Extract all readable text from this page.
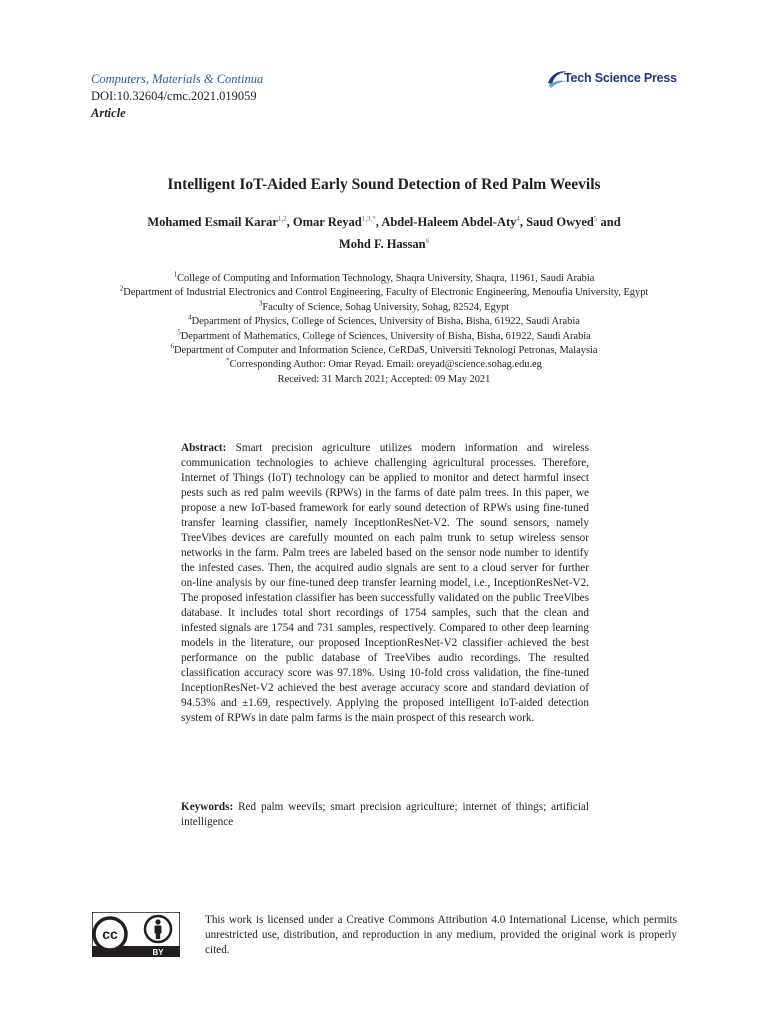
Computers, Materials & Continua
DOI:10.32604/cmc.2021.019059
Article
Tech Science Press
Intelligent IoT-Aided Early Sound Detection of Red Palm Weevils
Mohamed Esmail Karar$^{1,2}$, Omar Reyad$^{1,3,*}$, Abdel-Haleem Abdel-Aty$^4$, Saud Owyed$^5$ and
Mohd F. Hassan$^6$
$^1$College of Computing and Information Technology, Shaqra University, Shaqra, 11961, Saudi Arabia
$^2$Department of Industrial Electronics and Control Engineering, Faculty of Electronic Engineering, Menoufia University, Egypt
$^3$Faculty of Science, Sohag University, Sohag, 82524, Egypt
$^4$Department of Physics, College of Sciences, University of Bisha, Bisha, 61922, Saudi Arabia
$^5$Department of Mathematics, College of Sciences, University of Bisha, Bisha, 61922, Saudi Arabia
$^6$Department of Computer and Information Science, CeRDaS, Universiti Teknologi Petronas, Malaysia
*Corresponding Author: Omar Reyad. Email: oreyad@science.sohag.edu.eg
Received: 31 March 2021; Accepted: 09 May 2021
Abstract: Smart precision agriculture utilizes modern information and wireless communication technologies to achieve challenging agricultural processes. Therefore, Internet of Things (IoT) technology can be applied to monitor and detect harmful insect pests such as red palm weevils (RPWs) in the farms of date palm trees. In this paper, we propose a new IoT-based framework for early sound detection of RPWs using fine-tuned transfer learning classifier, namely InceptionResNet-V2. The sound sensors, namely TreeVibes devices are carefully mounted on each palm trunk to setup wireless sensor networks in the farm. Palm trees are labeled based on the sensor node number to identify the infested cases. Then, the acquired audio signals are sent to a cloud server for further on-line analysis by our fine-tuned deep transfer learning model, i.e., InceptionResNet-V2. The proposed infestation classifier has been successfully validated on the public TreeVibes database. It includes total short recordings of 1754 samples, such that the clean and infested signals are 1754 and 731 samples, respectively. Compared to other deep learning models in the literature, our proposed InceptionResNet-V2 classifier achieved the best performance on the public database of TreeVibes audio recordings. The resulted classification accuracy score was 97.18%. Using 10-fold cross validation, the fine-tuned InceptionResNet-V2 achieved the best average accuracy score and standard deviation of 94.53% and ±1.69, respectively. Applying the proposed intelligent IoT-aided detection system of RPWs in date palm farms is the main prospect of this research work.
Keywords: Red palm weevils; smart precision agriculture; internet of things; artificial intelligence
cc
BY
This work is licensed under a Creative Commons Attribution 4.0 International License, which permits unrestricted use, distribution, and reproduction in any medium, provided the original work is properly cited.
